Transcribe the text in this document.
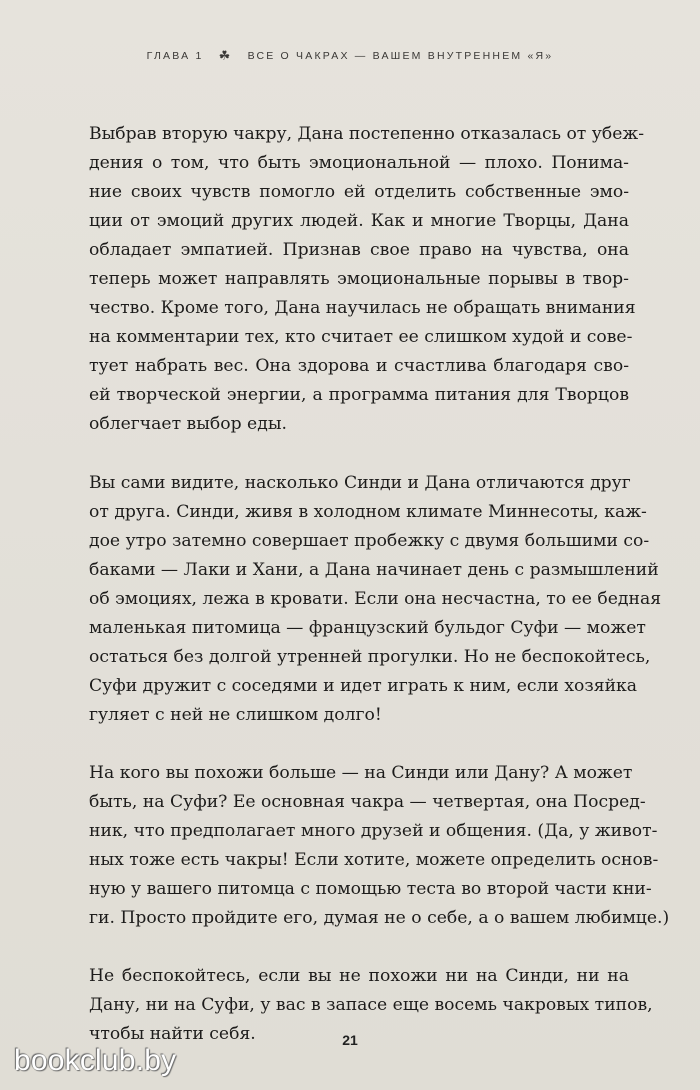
ГЛАВА 1 ☘ ВСЕ О ЧАКРАХ — ВАШЕМ ВНУТРЕННЕМ «Я»
Выбрав вторую чакру, Дана постепенно отказалась от убеж-
дения о том, что быть эмоциональной — плохо. Понима-
ние своих чувств помогло ей отделить собственные эмо-
ции от эмоций других людей. Как и многие Творцы, Дана
обладает эмпатией. Признав свое право на чувства, она
теперь может направлять эмоциональные порывы в твор-
чество. Кроме того, Дана научилась не обращать внимания
на комментарии тех, кто считает ее слишком худой и сове-
тует набрать вес. Она здорова и счастлива благодаря сво-
ей творческой энергии, а программа питания для Творцов
облегчает выбор еды.
Вы сами видите, насколько Синди и Дана отличаются друг
от друга. Синди, живя в холодном климате Миннесоты, каж-
дое утро затемно совершает пробежку с двумя большими со-
баками — Лаки и Хани, а Дана начинает день с размышлений
об эмоциях, лежа в кровати. Если она несчастна, то ее бедная
маленькая питомица — французский бульдог Суфи — может
остаться без долгой утренней прогулки. Но не беспокойтесь,
Суфи дружит с соседями и идет играть к ним, если хозяйка
гуляет с ней не слишком долго!
На кого вы похожи больше — на Синди или Дану? А может
быть, на Суфи? Ее основная чакра — четвертая, она Посред-
ник, что предполагает много друзей и общения. (Да, у живот-
ных тоже есть чакры! Если хотите, можете определить основ-
ную у вашего питомца с помощью теста во второй части кни-
ги. Просто пройдите его, думая не о себе, а о вашем любимце.)
Не беспокойтесь, если вы не похожи ни на Синди, ни на
Дану, ни на Суфи, у вас в запасе еще восемь чакровых типов,
чтобы найти себя.	21
bookclub.by
